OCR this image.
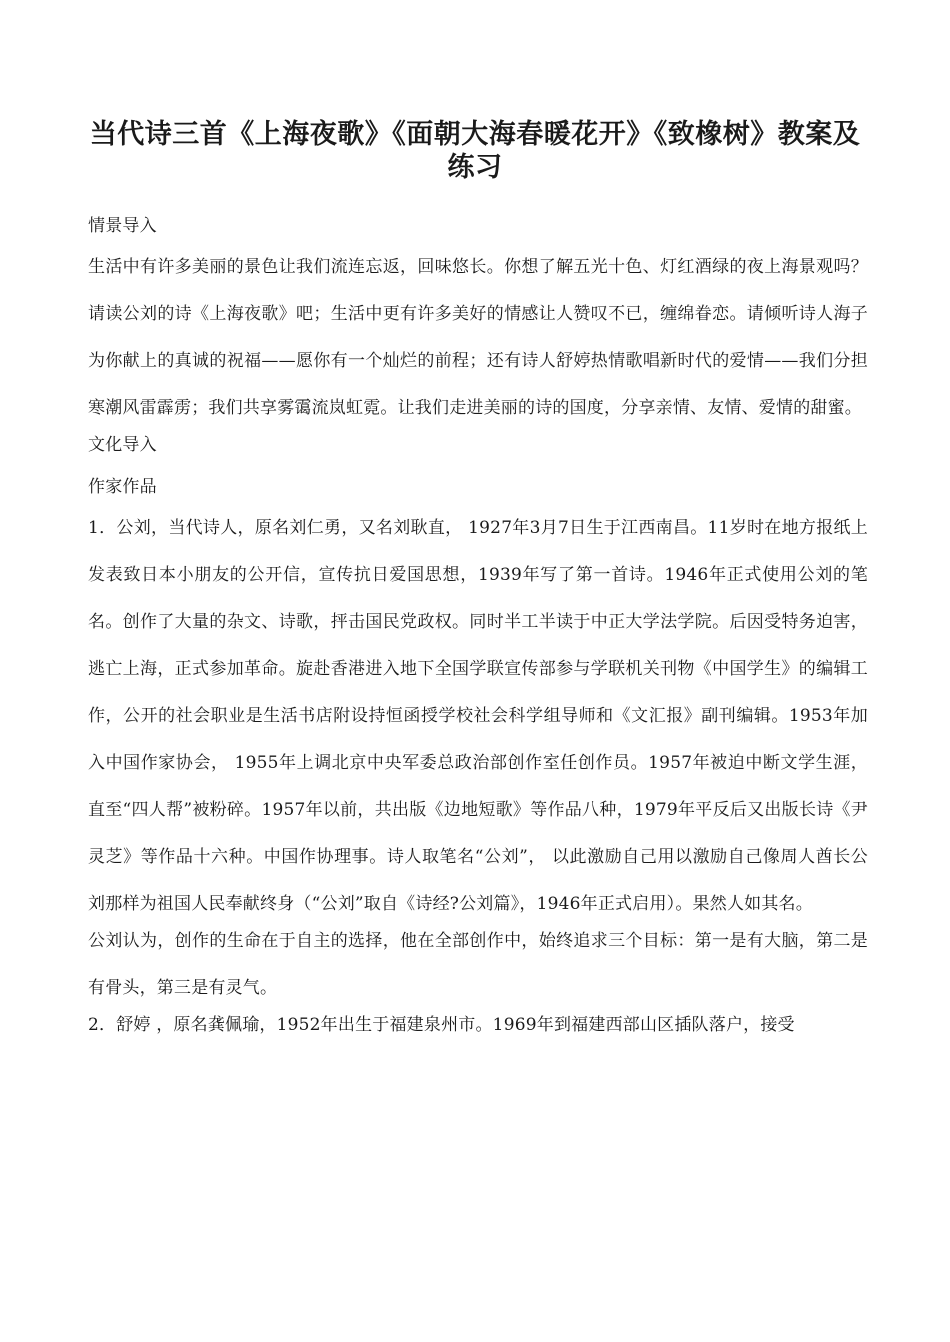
当代诗三首《上海夜歌》《面朝大海春暖花开》《致橡树》教案及练习
情景导入
生活中有许多美丽的景色让我们流连忘返，回味悠长。你想了解五光十色、灯红酒绿的夜上海景观吗？请读公刘的诗《上海夜歌》吧；生活中更有许多美好的情感让人赞叹不已，缠绵眷恋。请倾听诗人海子为你献上的真诚的祝福——愿你有一个灿烂的前程；还有诗人舒婷热情歌唱新时代的爱情——我们分担寒潮风雷霹雳；我们共享雾霭流岚虹霓。让我们走进美丽的诗的国度，分享亲情、友情、爱情的甜蜜。
文化导入
作家作品
1．公刘，当代诗人，原名刘仁勇，又名刘耿直， 1927年3月7日生于江西南昌。11岁时在地方报纸上发表致日本小朋友的公开信，宣传抗日爱国思想，1939年写了第一首诗。1946年正式使用公刘的笔名。创作了大量的杂文、诗歌，抨击国民党政权。同时半工半读于中正大学法学院。后因受特务迫害，逃亡上海，正式参加革命。旋赴香港进入地下全国学联宣传部参与学联机关刊物《中国学生》的编辑工作，公开的社会职业是生活书店附设持恒函授学校社会科学组导师和《文汇报》副刊编辑。1953年加入中国作家协会， 1955年上调北京中央军委总政治部创作室任创作员。1957年被迫中断文学生涯，直至“四人帮”被粉碎。1957年以前，共出版《边地短歌》等作品八种，1979年平反后又出版长诗《尹灵芝》等作品十六种。中国作协理事。诗人取笔名“公刘”， 以此激励自己用以激励自己像周人酋长公刘那样为祖国人民奉献终身（“公刘”取自《诗经?公刘篇》，1946年正式启用）。果然人如其名。
公刘认为，创作的生命在于自主的选择，他在全部创作中，始终追求三个目标：第一是有大脑，第二是有骨头，第三是有灵气。
2．舒婷 ，原名龚佩瑜，1952年出生于福建泉州市。1969年到福建西部山区插队落户，接受
